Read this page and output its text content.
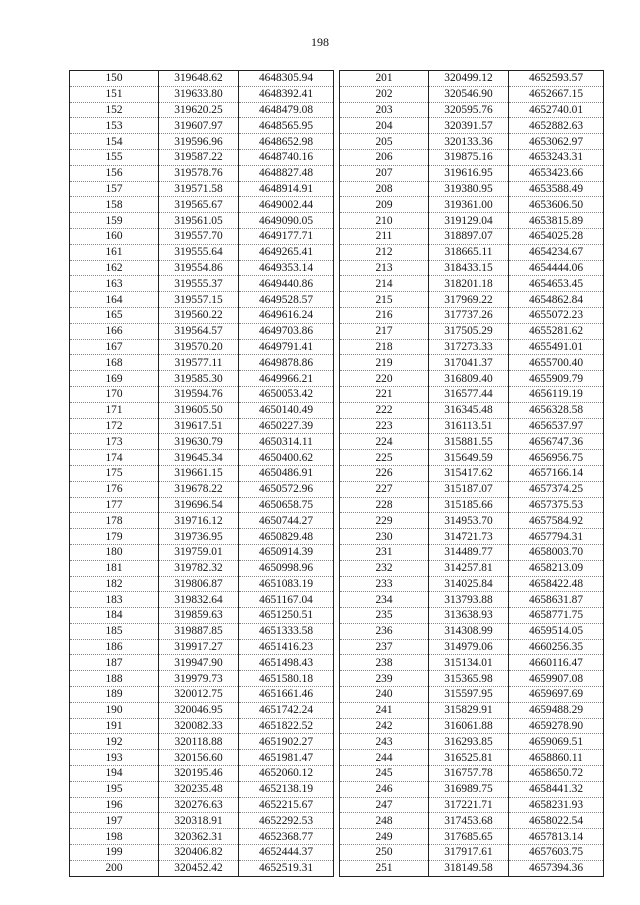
198
150	319648.62	4648305.94		201	320499.12	4652593.57
151	319633.80	4648392.41		202	320546.90	4652667.15
152	319620.25	4648479.08		203	320595.76	4652740.01
153	319607.97	4648565.95		204	320391.57	4652882.63
154	319596.96	4648652.98		205	320133.36	4653062.97
155	319587.22	4648740.16		206	319875.16	4653243.31
156	319578.76	4648827.48		207	319616.95	4653423.66
157	319571.58	4648914.91		208	319380.95	4653588.49
158	319565.67	4649002.44		209	319361.00	4653606.50
159	319561.05	4649090.05		210	319129.04	4653815.89
160	319557.70	4649177.71		211	318897.07	4654025.28
161	319555.64	4649265.41		212	318665.11	4654234.67
162	319554.86	4649353.14		213	318433.15	4654444.06
163	319555.37	4649440.86		214	318201.18	4654653.45
164	319557.15	4649528.57		215	317969.22	4654862.84
165	319560.22	4649616.24		216	317737.26	4655072.23
166	319564.57	4649703.86		217	317505.29	4655281.62
167	319570.20	4649791.41		218	317273.33	4655491.01
168	319577.11	4649878.86		219	317041.37	4655700.40
169	319585.30	4649966.21		220	316809.40	4655909.79
170	319594.76	4650053.42		221	316577.44	4656119.19
171	319605.50	4650140.49		222	316345.48	4656328.58
172	319617.51	4650227.39		223	316113.51	4656537.97
173	319630.79	4650314.11		224	315881.55	4656747.36
174	319645.34	4650400.62		225	315649.59	4656956.75
175	319661.15	4650486.91		226	315417.62	4657166.14
176	319678.22	4650572.96		227	315187.07	4657374.25
177	319696.54	4650658.75		228	315185.66	4657375.53
178	319716.12	4650744.27		229	314953.70	4657584.92
179	319736.95	4650829.48		230	314721.73	4657794.31
180	319759.01	4650914.39		231	314489.77	4658003.70
181	319782.32	4650998.96		232	314257.81	4658213.09
182	319806.87	4651083.19		233	314025.84	4658422.48
183	319832.64	4651167.04		234	313793.88	4658631.87
184	319859.63	4651250.51		235	313638.93	4658771.75
185	319887.85	4651333.58		236	314308.99	4659514.05
186	319917.27	4651416.23		237	314979.06	4660256.35
187	319947.90	4651498.43		238	315134.01	4660116.47
188	319979.73	4651580.18		239	315365.98	4659907.08
189	320012.75	4651661.46		240	315597.95	4659697.69
190	320046.95	4651742.24		241	315829.91	4659488.29
191	320082.33	4651822.52		242	316061.88	4659278.90
192	320118.88	4651902.27		243	316293.85	4659069.51
193	320156.60	4651981.47		244	316525.81	4658860.11
194	320195.46	4652060.12		245	316757.78	4658650.72
195	320235.48	4652138.19		246	316989.75	4658441.32
196	320276.63	4652215.67		247	317221.71	4658231.93
197	320318.91	4652292.53		248	317453.68	4658022.54
198	320362.31	4652368.77		249	317685.65	4657813.14
199	320406.82	4652444.37		250	317917.61	4657603.75
200	320452.42	4652519.31		251	318149.58	4657394.36
